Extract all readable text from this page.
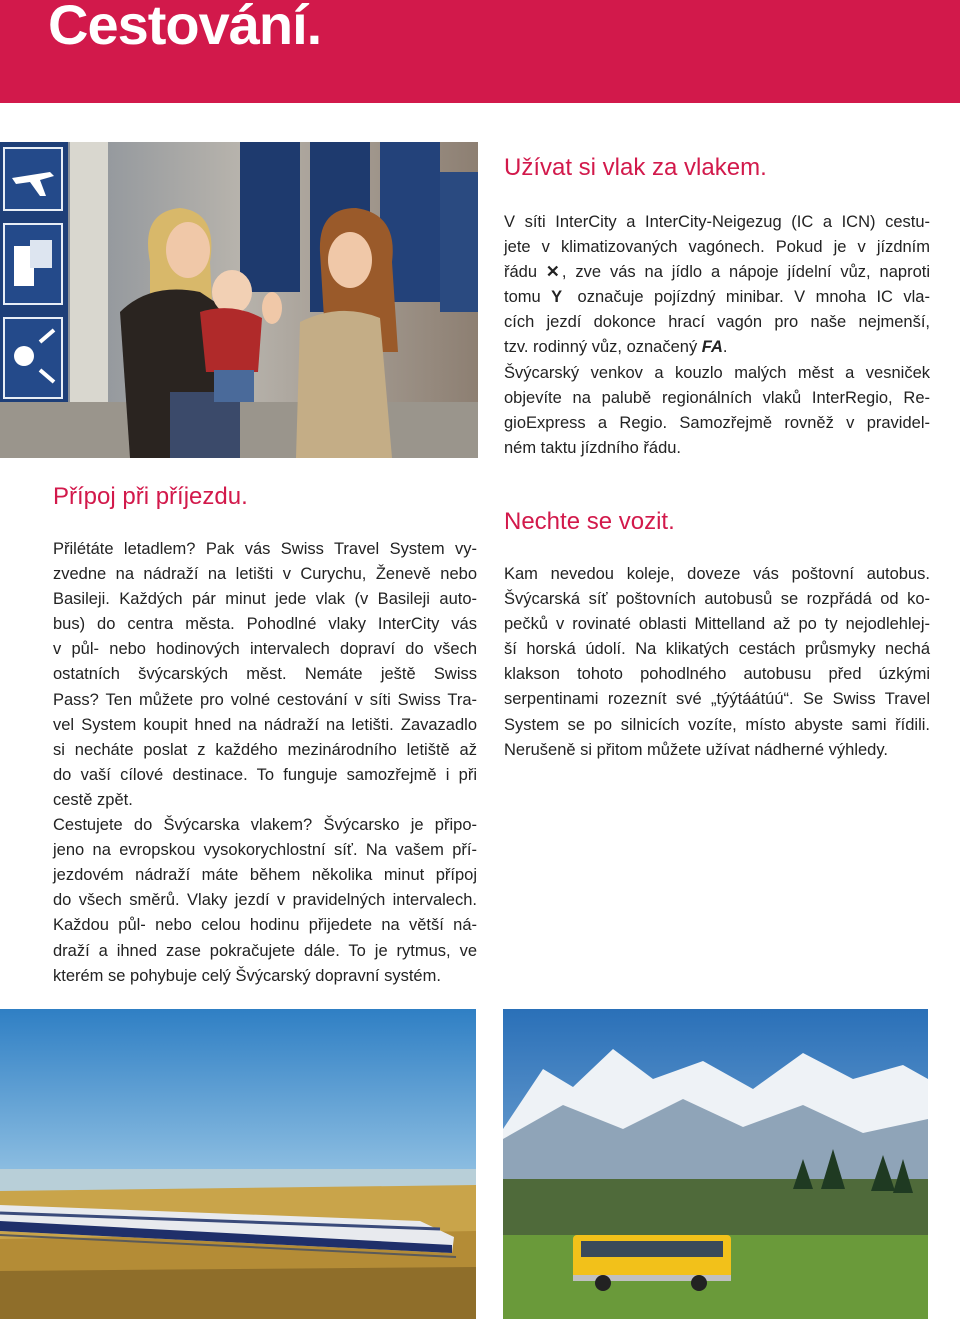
Cestování.
Užívat si vlak za vlakem.
V síti InterCity a InterCity-Neigezug (IC a ICN) cestu-
jete v klimatizovaných vagónech. Pokud je v jízdním
řádu ✕ , zve vás na jídlo a nápoje jídelní vůz, naproti
tomu Y označuje pojízdný minibar. V mnoha IC vla-
cích jezdí dokonce hrací vagón pro naše nejmenší,
tzv. rodinný vůz, označený FA.
Švýcarský venkov a kouzlo malých měst a vesniček
objevíte na palubě regionálních vlaků InterRegio, Re-
gioExpress a Regio. Samozřejmě rovněž v pravidel-
ném taktu jízdního řádu.
Přípoj při příjezdu.
Přilétáte letadlem? Pak vás Swiss Travel System vy-
zvedne na nádraží na letišti v Curychu, Ženevě nebo
Basileji. Každých pár minut jede vlak (v Basileji auto-
bus) do centra města. Pohodlné vlaky InterCity vás
v půl- nebo hodinových intervalech dopraví do všech
ostatních švýcarských měst. Nemáte ještě Swiss
Pass? Ten můžete pro volné cestování v síti Swiss Tra-
vel System koupit hned na nádraží na letišti. Zavazadlo
si necháte poslat z každého mezinárodního letiště až
do vaší cílové destinace. To funguje samozřejmě i při
cestě zpět.
Cestujete do Švýcarska vlakem? Švýcarsko je připo-
jeno na evropskou vysokorychlostní síť. Na vašem pří-
jezdovém nádraží máte během několika minut přípoj
do všech směrů. Vlaky jezdí v pravidelných intervalech.
Každou půl- nebo celou hodinu přijedete na větší ná-
draží a ihned zase pokračujete dále. To je rytmus, ve
kterém se pohybuje celý Švýcarský dopravní systém.
Nechte se vozit.
Kam nevedou koleje, doveze vás poštovní autobus.
Švýcarská síť poštovních autobusů se rozpřádá od ko-
pečků v rovinaté oblasti Mittelland až po ty nejodlehlej-
ší horská údolí. Na klikatých cestách průsmyky nechá
klakson tohoto pohodlného autobusu před úzkými
serpentinami rozeznít své „týýtáátúú“. Se Swiss Travel
System se po silnicích vozíte, místo abyste sami řídili.
Nerušeně si přitom můžete užívat nádherné výhledy.
